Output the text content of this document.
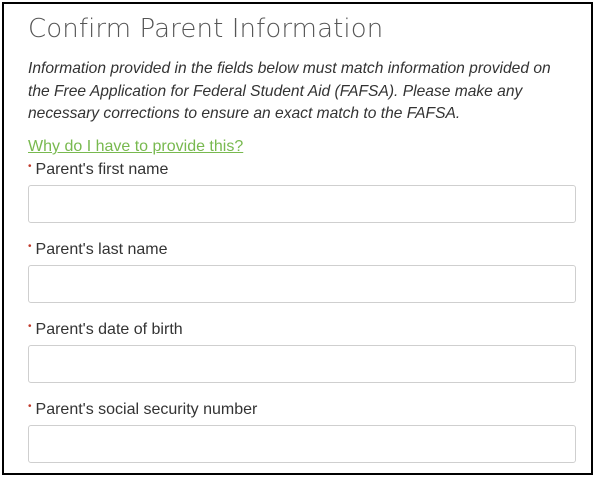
Confirm Parent Information

Information provided in the fields below must match information provided on the Free Application for Federal Student Aid (FAFSA). Please make any necessary corrections to ensure an exact match to the FAFSA.

Why do I have to provide this?
• Parent's first name
• Parent's last name
• Parent's date of birth
• Parent's social security number
